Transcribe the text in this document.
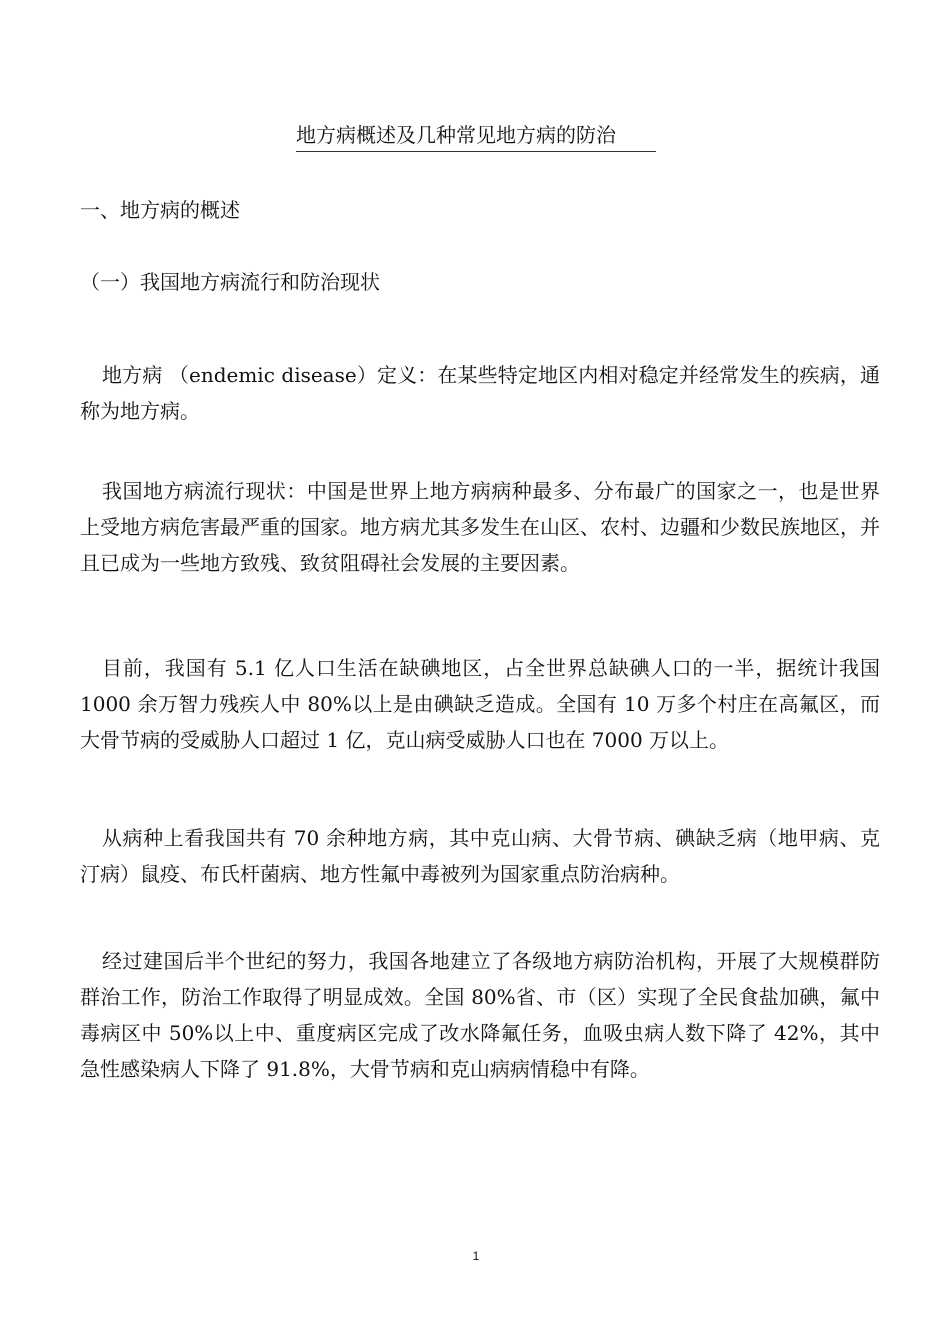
地方病概述及几种常见地方病的防治
一、地方病的概述
（一）我国地方病流行和防治现状

地方病 （endemic disease）定义：在某些特定地区内相对稳定并经常发生的疾病，通称为地方病。

我国地方病流行现状：中国是世界上地方病病种最多、分布最广的国家之一，也是世界上受地方病危害最严重的国家。地方病尤其多发生在山区、农村、边疆和少数民族地区，并且已成为一些地方致残、致贫阻碍社会发展的主要因素。

目前，我国有 5.1 亿人口生活在缺碘地区，占全世界总缺碘人口的一半，据统计我国 1000 余万智力残疾人中 80%以上是由碘缺乏造成。全国有 10 万多个村庄在高氟区，而大骨节病的受威胁人口超过 1 亿，克山病受威胁人口也在 7000 万以上。

从病种上看我国共有 70 余种地方病，其中克山病、大骨节病、碘缺乏病（地甲病、克汀病）鼠疫、布氏杆菌病、地方性氟中毒被列为国家重点防治病种。

经过建国后半个世纪的努力，我国各地建立了各级地方病防治机构，开展了大规模群防群治工作，防治工作取得了明显成效。全国 80%省、市（区）实现了全民食盐加碘，氟中毒病区中 50%以上中、重度病区完成了改水降氟任务，血吸虫病人数下降了 42%，其中急性感染病人下降了 91.8%，大骨节病和克山病病情稳中有降。

1
